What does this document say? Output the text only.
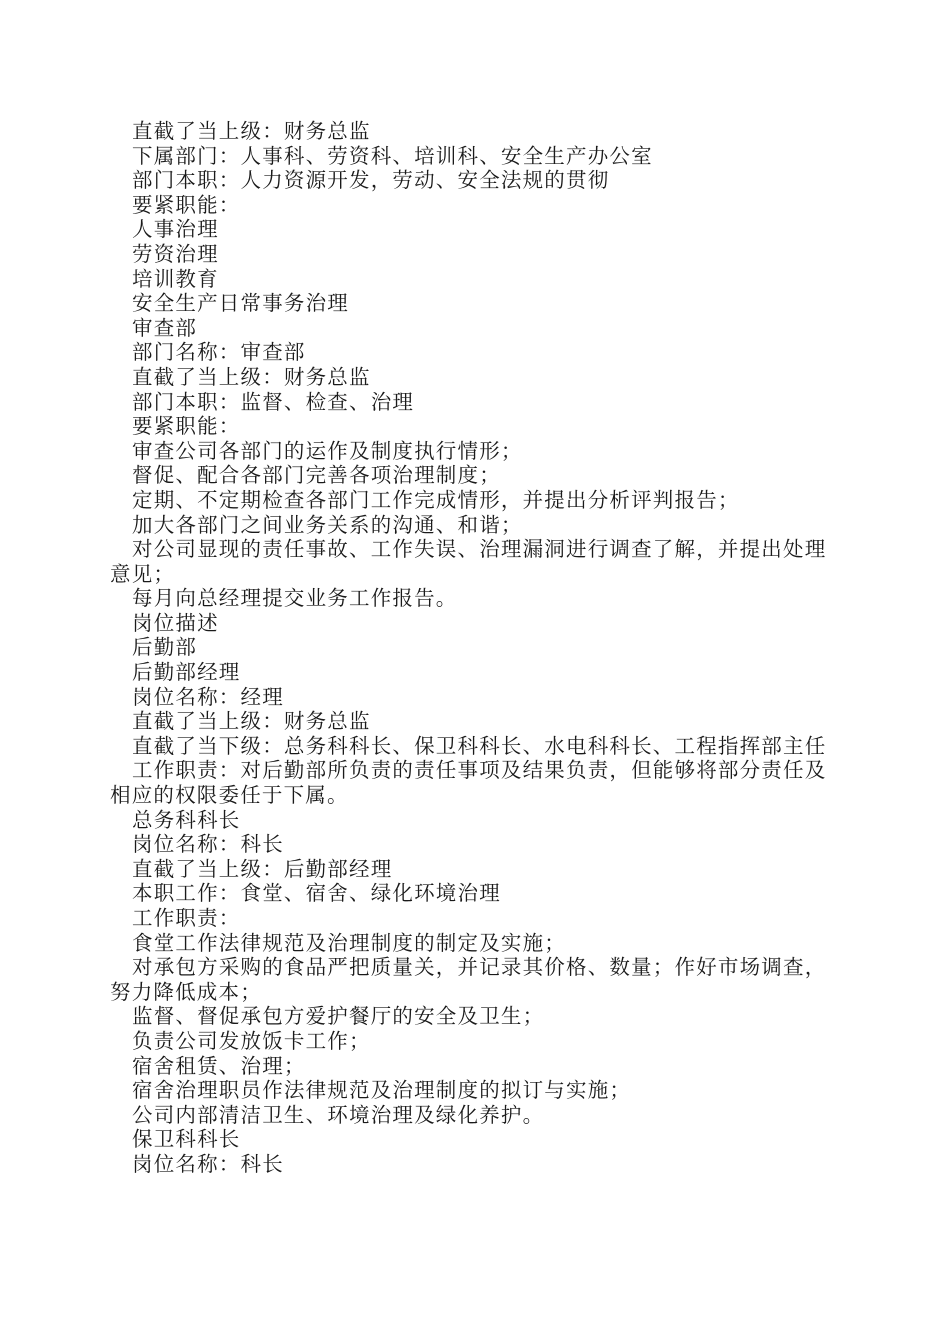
直截了当上级：财务总监

下属部门：人事科、劳资科、培训科、安全生产办公室

部门本职：人力资源开发，劳动、安全法规的贯彻

要紧职能：

人事治理

劳资治理

培训教育

安全生产日常事务治理

审查部

部门名称：审查部

直截了当上级：财务总监

部门本职：监督、检查、治理

要紧职能：

审查公司各部门的运作及制度执行情形；

督促、配合各部门完善各项治理制度；

定期、不定期检查各部门工作完成情形，并提出分析评判报告；

加大各部门之间业务关系的沟通、和谐；

对公司显现的责任事故、工作失误、治理漏洞进行调查了解，并提出处理意见；

每月向总经理提交业务工作报告。

岗位描述

后勤部

后勤部经理

岗位名称：经理

直截了当上级：财务总监

直截了当下级：总务科科长、保卫科科长、水电科科长、工程指挥部主任

工作职责：对后勤部所负责的责任事项及结果负责，但能够将部分责任及相应的权限委任于下属。

总务科科长

岗位名称：科长

直截了当上级：后勤部经理

本职工作：食堂、宿舍、绿化环境治理

工作职责：

食堂工作法律规范及治理制度的制定及实施；

对承包方采购的食品严把质量关，并记录其价格、数量；作好市场调查，努力降低成本；

监督、督促承包方爱护餐厅的安全及卫生；

负责公司发放饭卡工作；

宿舍租赁、治理；

宿舍治理职员作法律规范及治理制度的拟订与实施；

公司内部清洁卫生、环境治理及绿化养护。

保卫科科长

岗位名称：科长
